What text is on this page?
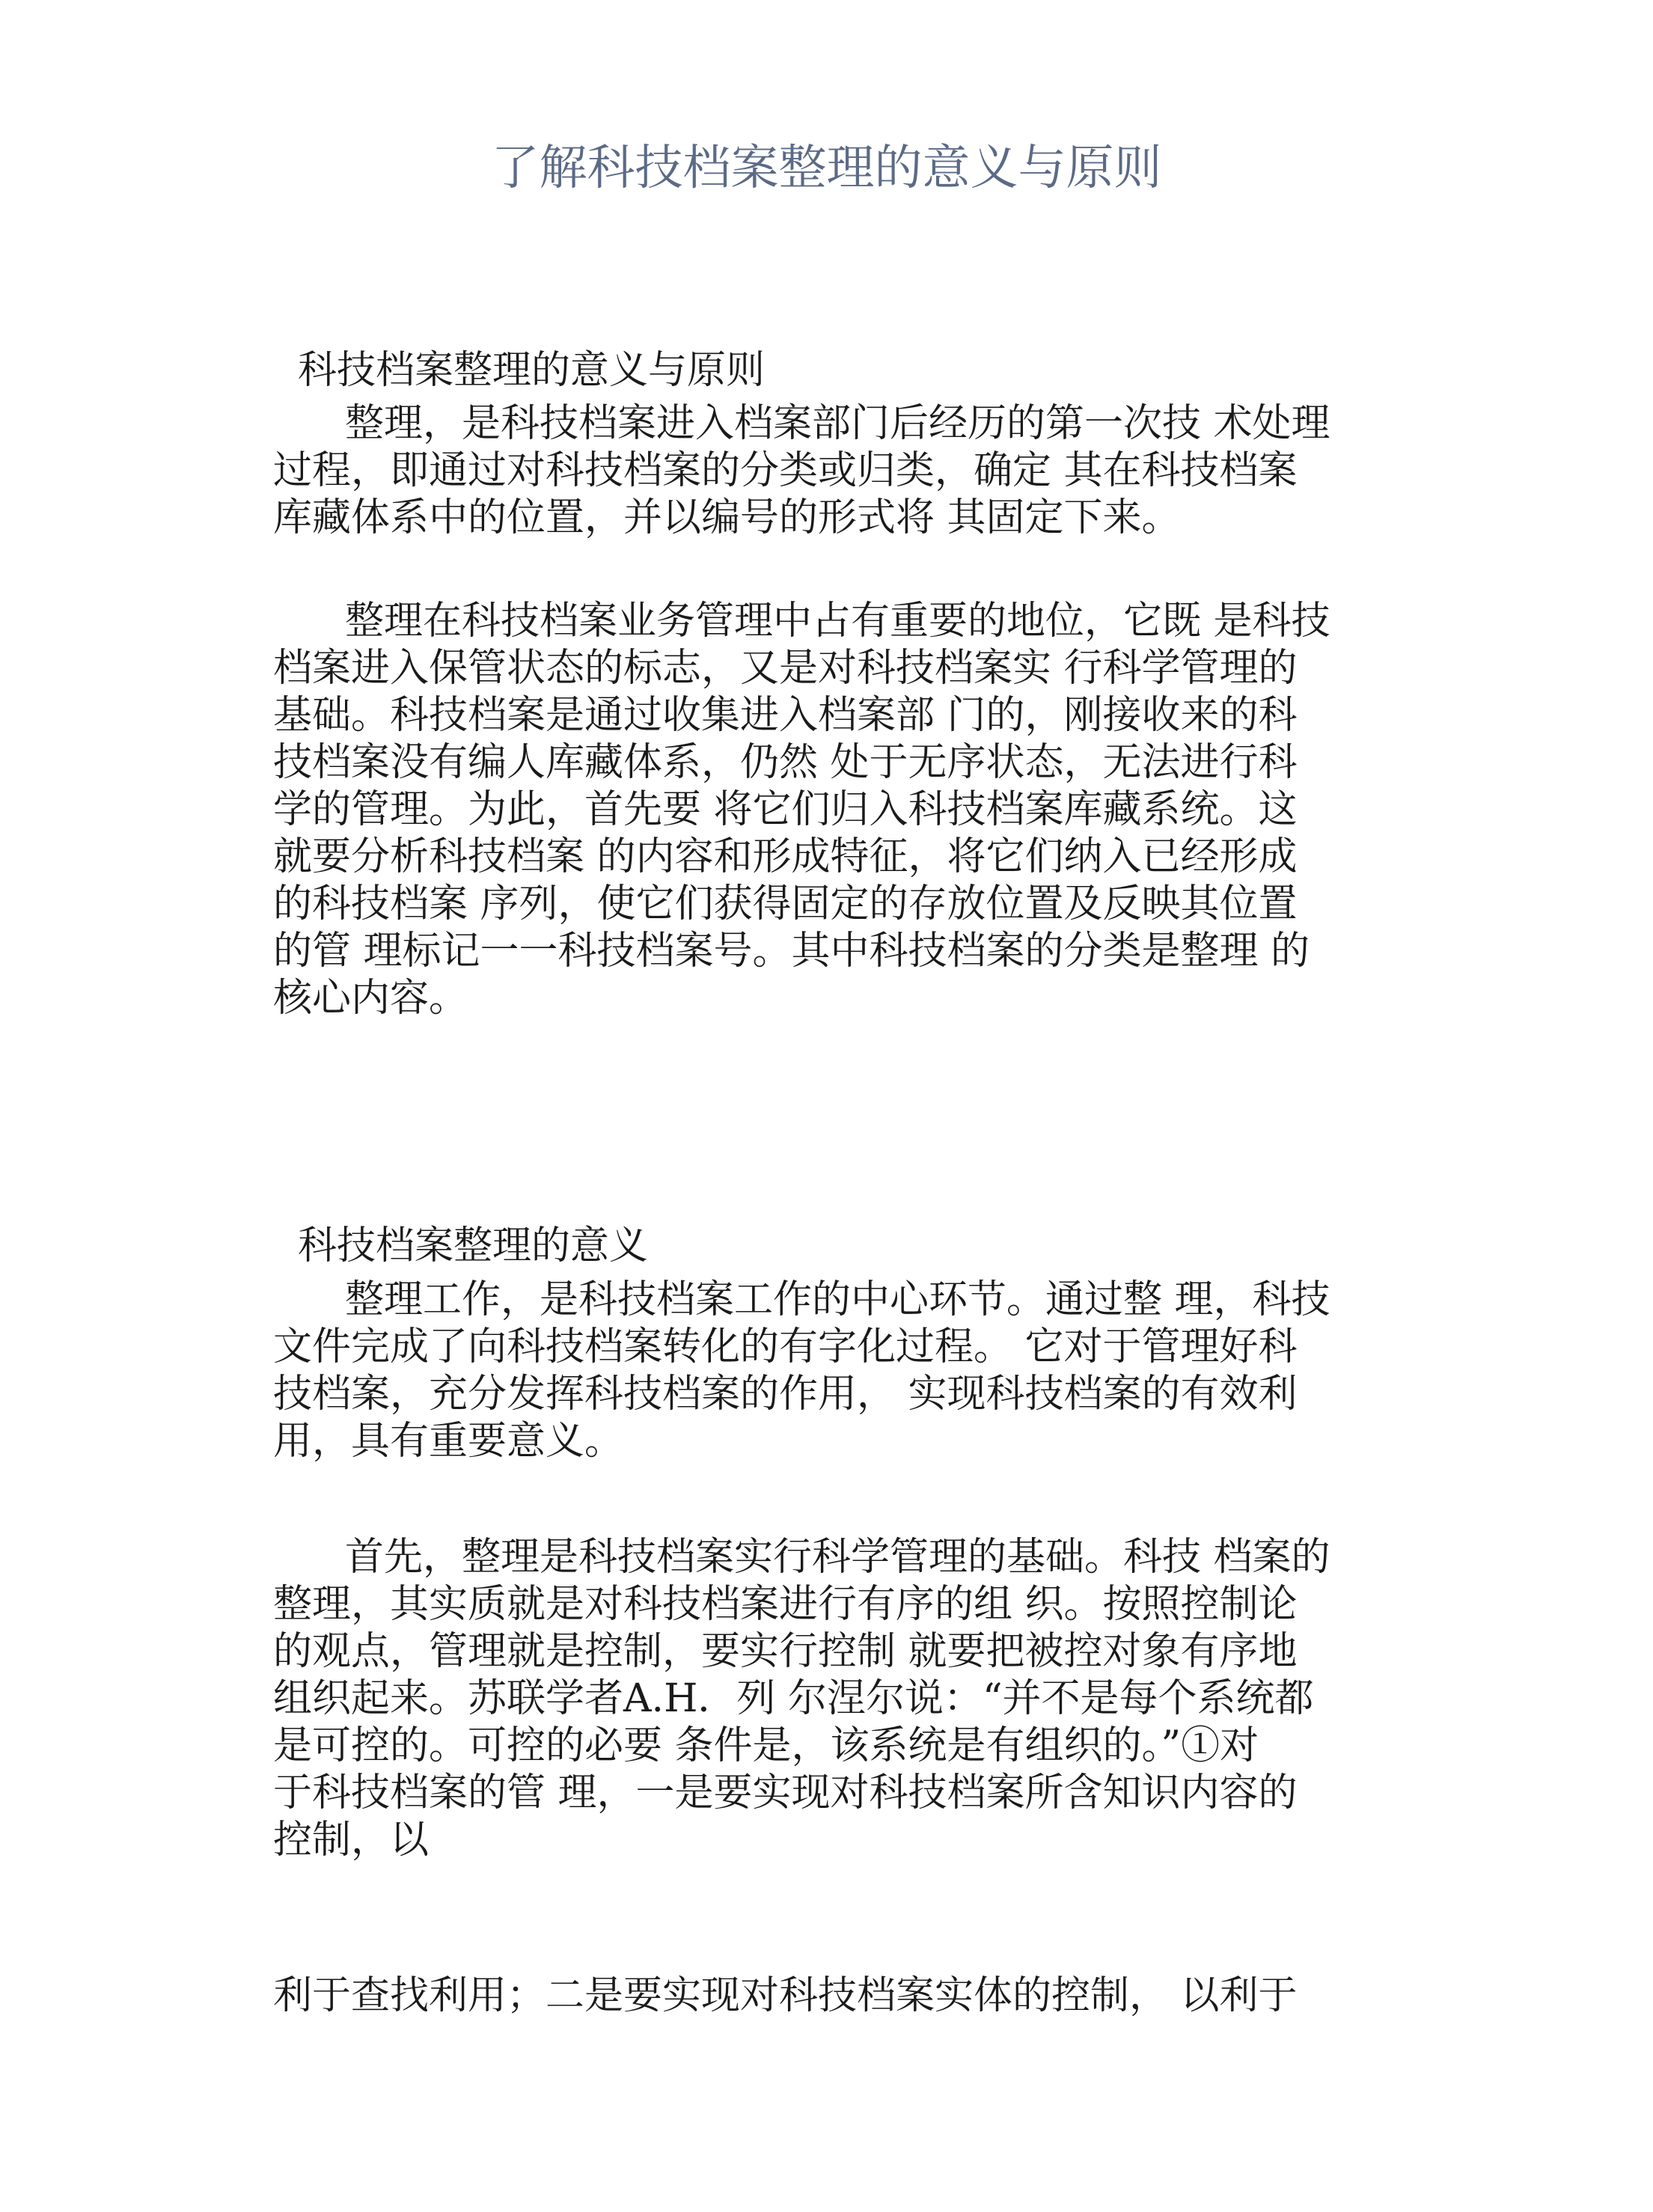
了解科技档案整理的意义与原则
科技档案整理的意义与原则

整理，是科技档案进入档案部门后经历的第一次技 术处理
过程，即通过对科技档案的分类或归类，确定 其在科技档案
库藏体系中的位置，并以编号的形式将 其固定下来。

整理在科技档案业务管理中占有重要的地位，它既 是科技
档案进入保管状态的标志，又是对科技档案实 行科学管理的
基础。科技档案是通过收集进入档案部 门的，刚接收来的科
技档案没有编人库藏体系，仍然 处于无序状态，无法进行科
学的管理。为此，首先要 将它们归入科技档案库藏系统。这
就要分析科技档案 的内容和形成特征，将它们纳入已经形成
的科技档案 序列，使它们获得固定的存放位置及反映其位置
的管 理标记一一科技档案号。其中科技档案的分类是整理 的
核心内容。

科技档案整理的意义

整理工作，是科技档案工作的中心环节。通过整 理，科技
文件完成了向科技档案转化的有字化过程。 它对于管理好科
技档案，充分发挥科技档案的作用， 实现科技档案的有效利
用，具有重要意义。

首先，整理是科技档案实行科学管理的基础。科技 档案的
整理，其实质就是对科技档案进行有序的组 织。按照控制论
的观点，管理就是控制，要实行控制 就要把被控对象有序地
组织起来。苏联学者A.H．列 尔涅尔说：“并不是每个系统都
是可控的。可控的必要 条件是，该系统是有组织的。”①对
于科技档案的管 理，一是要实现对科技档案所含知识内容的
控制，以

利于查找利用；二是要实现对科技档案实体的控制， 以利于
